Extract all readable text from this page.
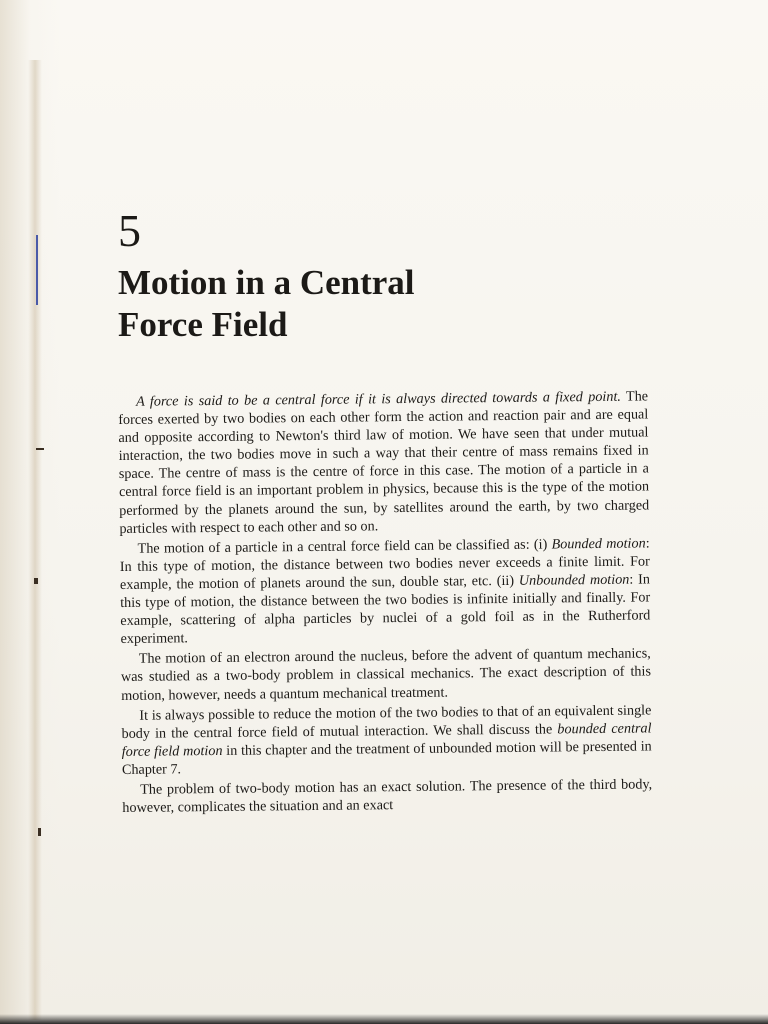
5
Motion in a Central
Force Field

A force is said to be a central force if it is always directed towards a fixed point. The forces exerted by two bodies on each other form the action and reaction pair and are equal and opposite according to Newton's third law of motion. We have seen that under mutual interaction, the two bodies move in such a way that their centre of mass remains fixed in space. The centre of mass is the centre of force in this case. The motion of a particle in a central force field is an important problem in physics, because this is the type of the motion performed by the planets around the sun, by satellites around the earth, by two charged particles with respect to each other and so on.

The motion of a particle in a central force field can be classified as: (i) Bounded motion: In this type of motion, the distance between two bodies never exceeds a finite limit. For example, the motion of planets around the sun, double star, etc. (ii) Unbounded motion: In this type of motion, the distance between the two bodies is infinite initially and finally. For example, scattering of alpha particles by nuclei of a gold foil as in the Rutherford experiment.

The motion of an electron around the nucleus, before the advent of quantum mechanics, was studied as a two-body problem in classical mechanics. The exact description of this motion, however, needs a quantum mechanical treatment.

It is always possible to reduce the motion of the two bodies to that of an equivalent single body in the central force field of mutual interaction. We shall discuss the bounded central force field motion in this chapter and the treatment of unbounded motion will be presented in Chapter 7.

The problem of two-body motion has an exact solution. The presence of the third body, however, complicates the situation and an exact
